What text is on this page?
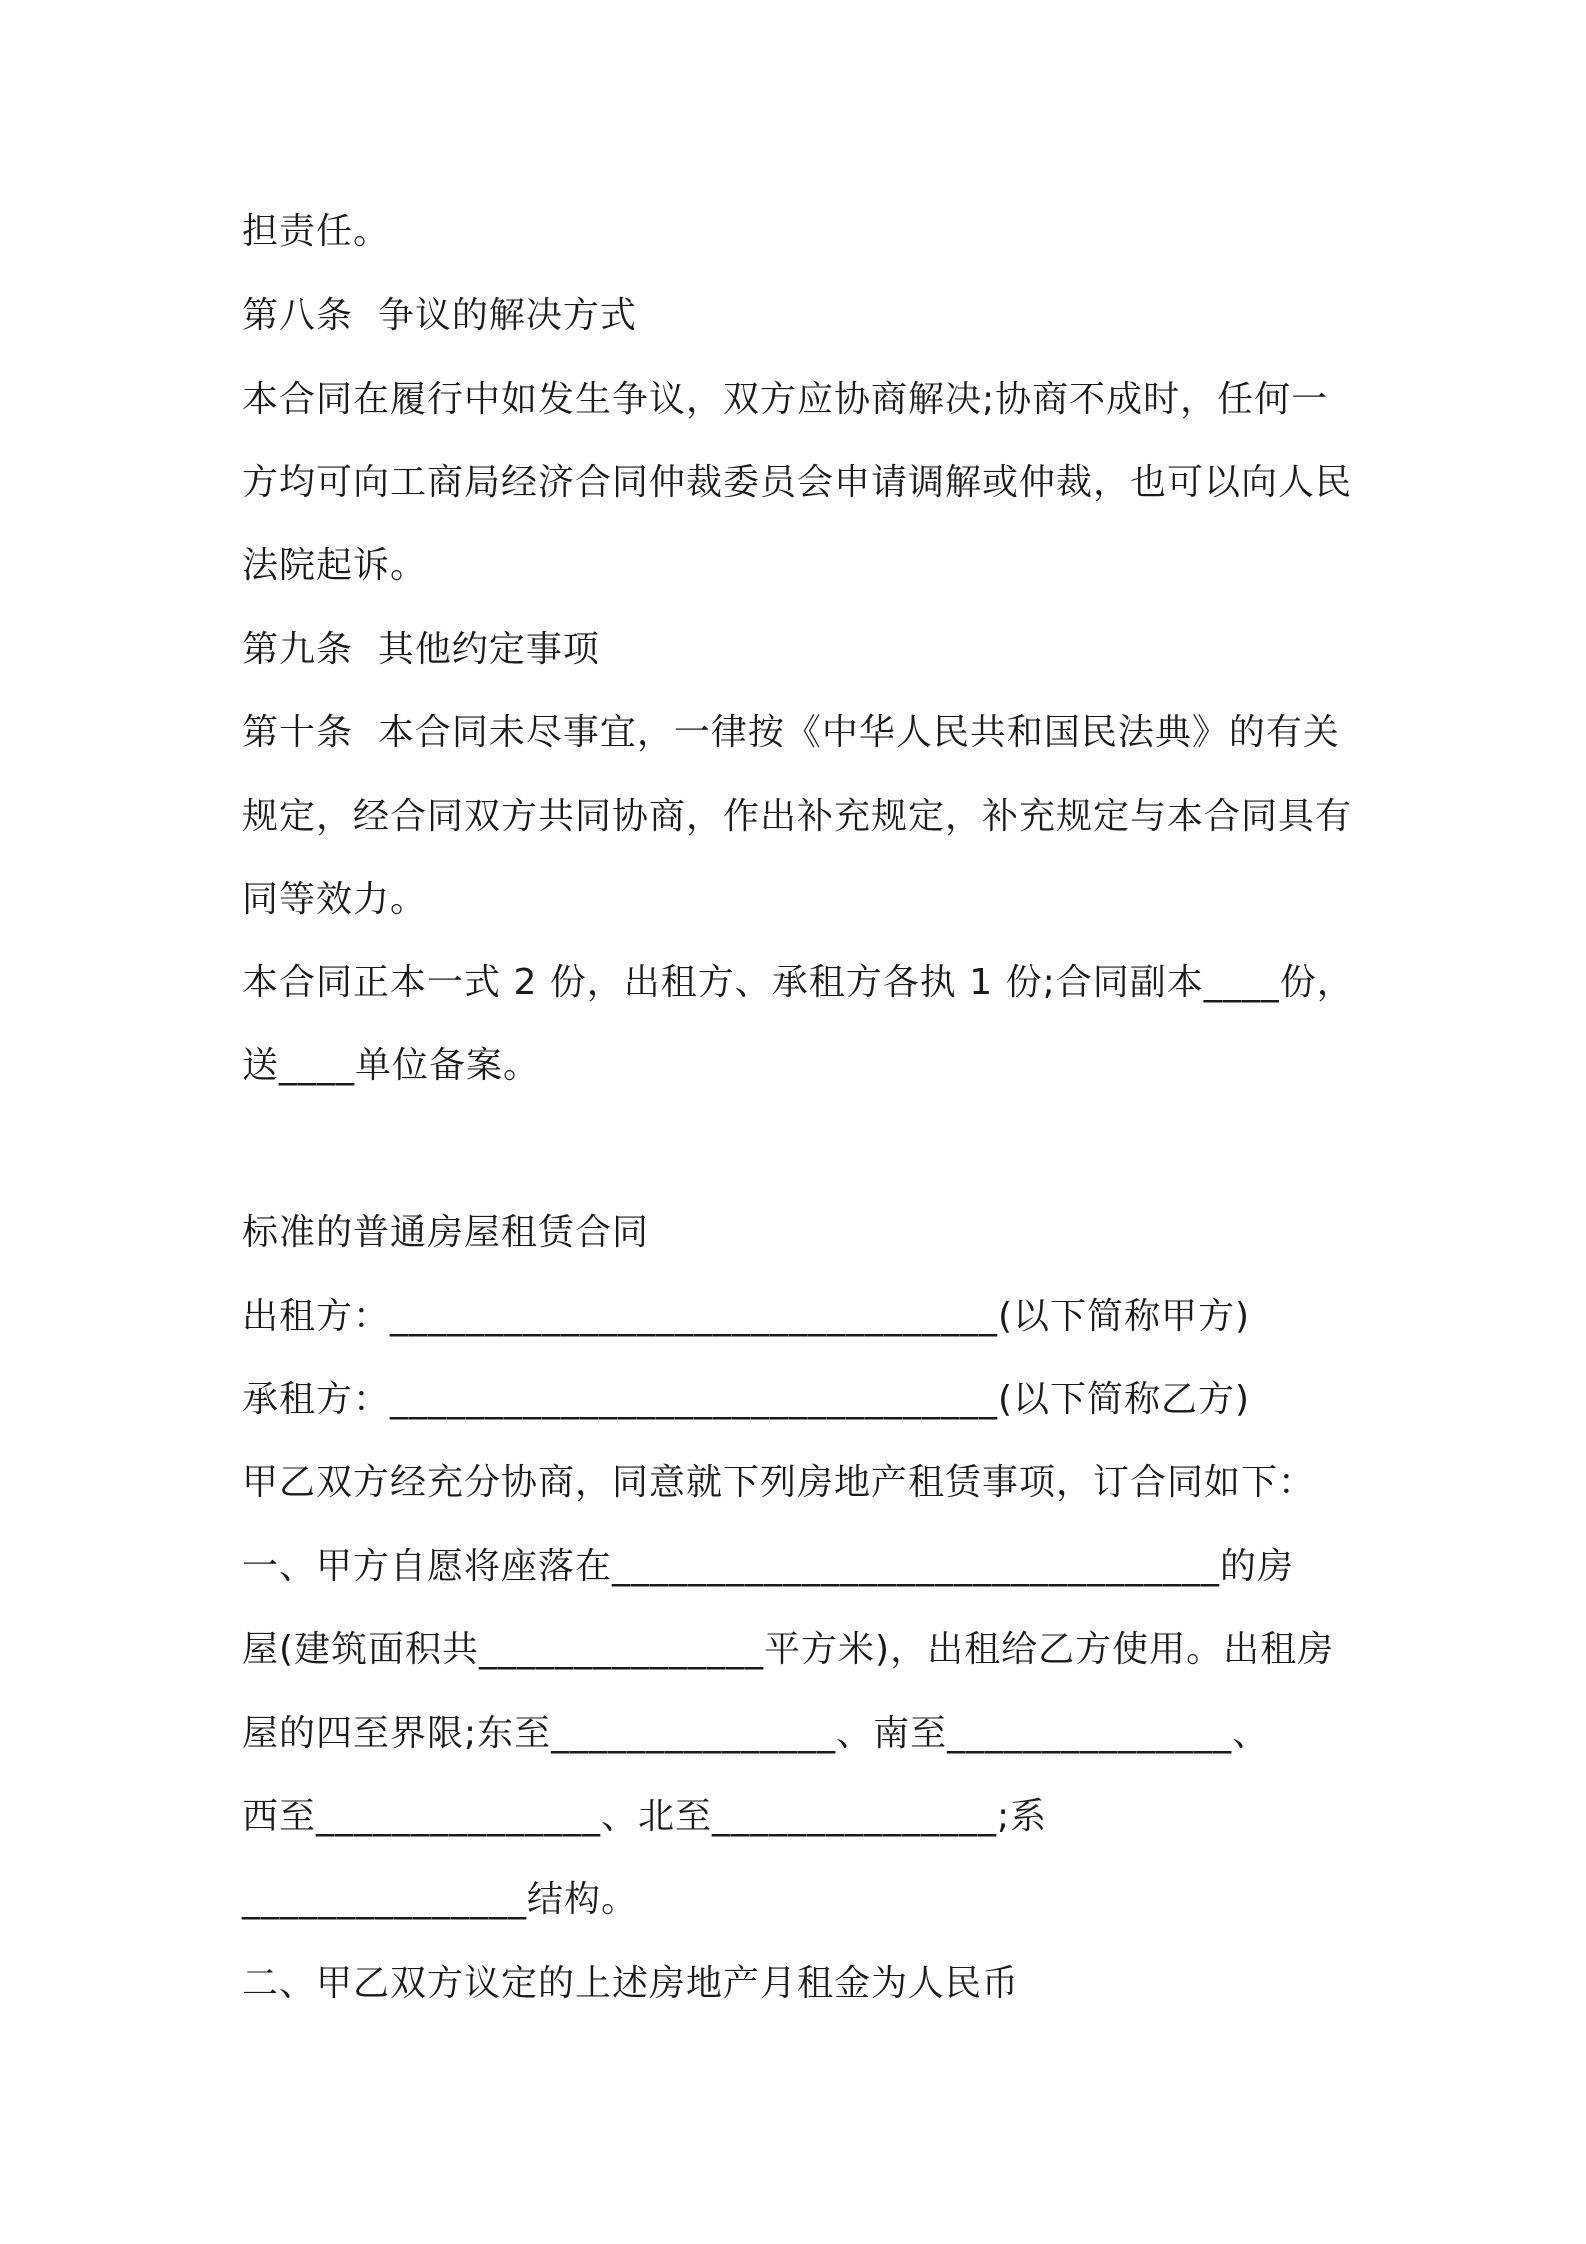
担责任。
第八条  争议的解决方式
本合同在履行中如发生争议，双方应协商解决;协商不成时，任何一
方均可向工商局经济合同仲裁委员会申请调解或仲裁，也可以向人民
法院起诉。
第九条  其他约定事项
第十条  本合同未尽事宜，一律按《中华人民共和国民法典》的有关
规定，经合同双方共同协商，作出补充规定，补充规定与本合同具有
同等效力。
本合同正本一式 2 份，出租方、承租方各执 1 份;合同副本____份，
送____单位备案。
标准的普通房屋租赁合同
出租方：________________________________(以下简称甲方)
承租方：________________________________(以下简称乙方)
甲乙双方经充分协商，同意就下列房地产租赁事项，订合同如下：
一、甲方自愿将座落在________________________________的房
屋(建筑面积共_______________平方米)，出租给乙方使用。出租房
屋的四至界限;东至_______________、南至_______________、
西至_______________、北至_______________;系
_______________结构。
二、甲乙双方议定的上述房地产月租金为人民币
